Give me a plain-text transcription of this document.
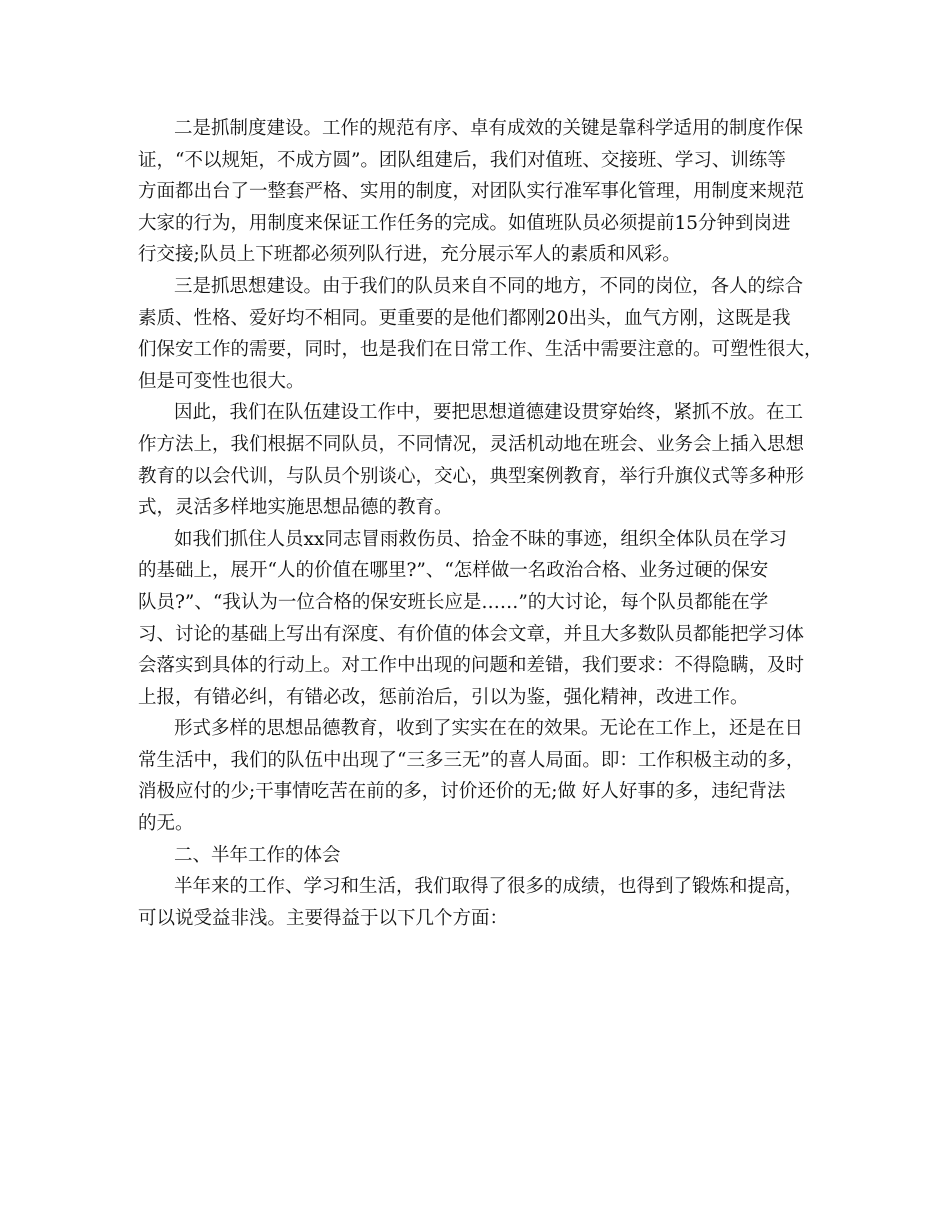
二是抓制度建设。工作的规范有序、卓有成效的关键是靠科学适用的制度作保
证，“不以规矩，不成方圆”。团队组建后，我们对值班、交接班、学习、训练等
方面都出台了一整套严格、实用的制度，对团队实行准军事化管理，用制度来规范
大家的行为，用制度来保证工作任务的完成。如值班队员必须提前15分钟到岗进
行交接;队员上下班都必须列队行进，充分展示军人的素质和风彩。
三是抓思想建设。由于我们的队员来自不同的地方，不同的岗位，各人的综合
素质、性格、爱好均不相同。更重要的是他们都刚20出头，血气方刚，这既是我
们保安工作的需要，同时，也是我们在日常工作、生活中需要注意的。可塑性很大，
但是可变性也很大。
因此，我们在队伍建设工作中，要把思想道德建设贯穿始终，紧抓不放。在工
作方法上，我们根据不同队员，不同情况，灵活机动地在班会、业务会上插入思想
教育的以会代训，与队员个别谈心，交心，典型案例教育，举行升旗仪式等多种形
式，灵活多样地实施思想品德的教育。
如我们抓住人员xx同志冒雨救伤员、拾金不昧的事迹，组织全体队员在学习
的基础上，展开“人的价值在哪里?”、“怎样做一名政治合格、业务过硬的保安
队员?”、“我认为一位合格的保安班长应是……”的大讨论，每个队员都能在学
习、讨论的基础上写出有深度、有价值的体会文章，并且大多数队员都能把学习体
会落实到具体的行动上。对工作中出现的问题和差错，我们要求：不得隐瞒，及时
上报，有错必纠，有错必改，惩前治后，引以为鉴，强化精神，改进工作。
形式多样的思想品德教育，收到了实实在在的效果。无论在工作上，还是在日
常生活中，我们的队伍中出现了“三多三无”的喜人局面。即：工作积极主动的多，
消极应付的少;干事情吃苦在前的多，讨价还价的无;做 好人好事的多，违纪背法
的无。
二、半年工作的体会
半年来的工作、学习和生活，我们取得了很多的成绩，也得到了锻炼和提高，
可以说受益非浅。主要得益于以下几个方面：
